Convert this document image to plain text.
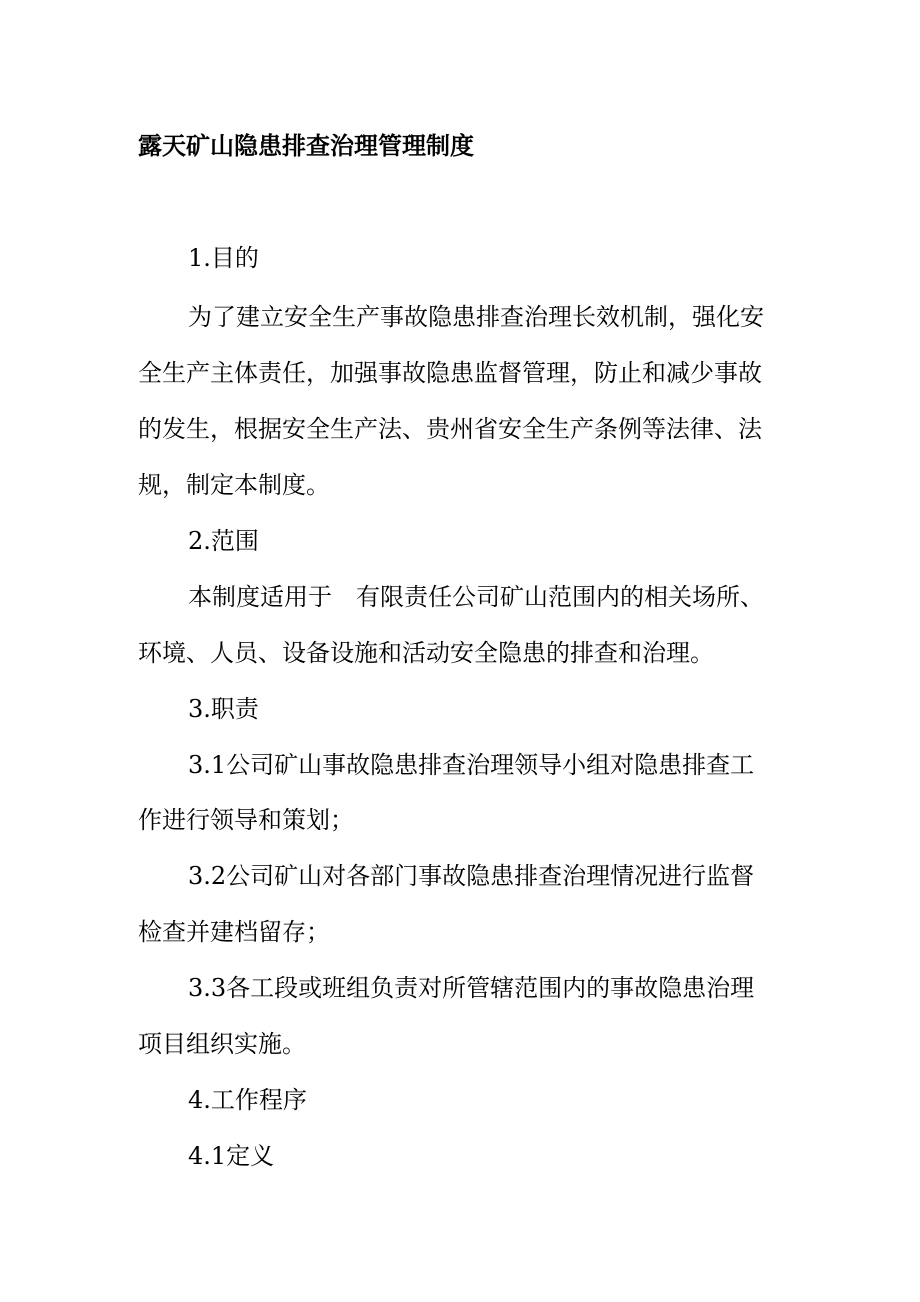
露天矿山隐患排查治理管理制度
1.目的
为了建立安全生产事故隐患排查治理长效机制，强化安
全生产主体责任，加强事故隐患监督管理，防止和减少事故
的发生，根据安全生产法、贵州省安全生产条例等法律、法
规，制定本制度。
2.范围
本制度适用于　有限责任公司矿山范围内的相关场所、
环境、人员、设备设施和活动安全隐患的排查和治理。
3.职责
3.1公司矿山事故隐患排查治理领导小组对隐患排查工
作进行领导和策划；
3.2公司矿山对各部门事故隐患排查治理情况进行监督
检查并建档留存；
3.3各工段或班组负责对所管辖范围内的事故隐患治理
项目组织实施。
4.工作程序
4.1定义
